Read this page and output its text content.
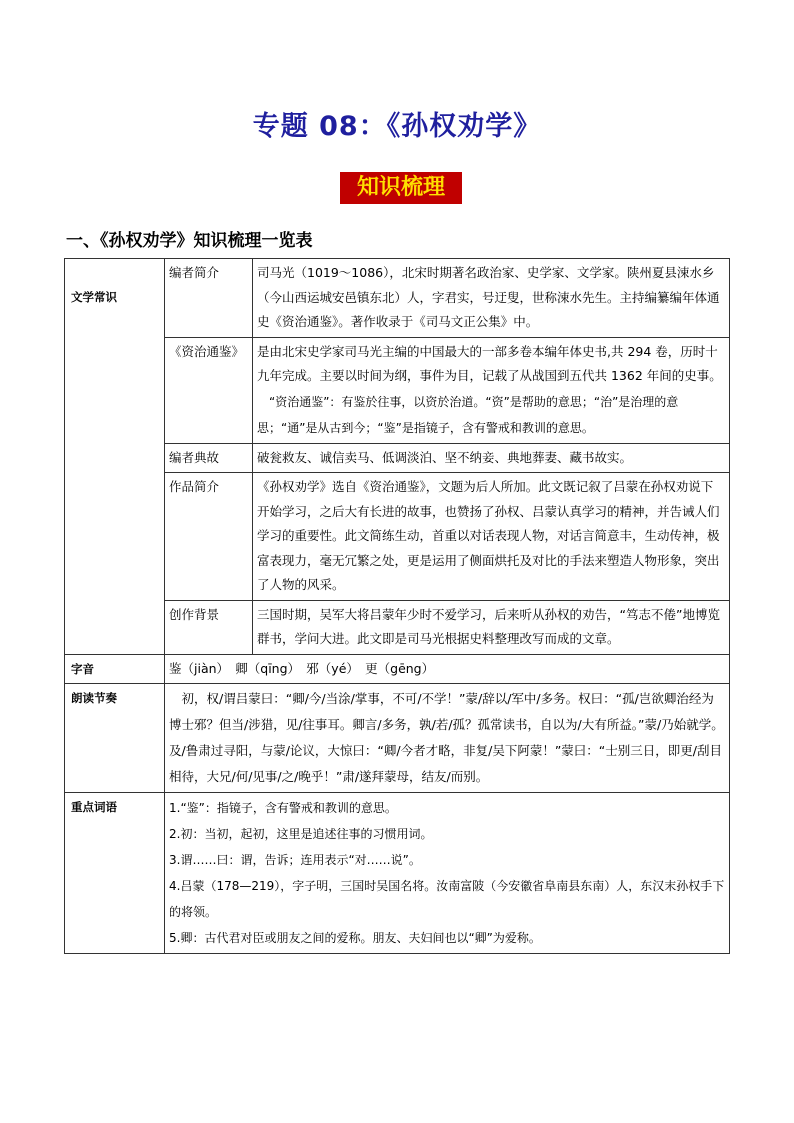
专题 08：《孙权劝学》
知识梳理
一、《孙权劝学》知识梳理一览表
文学常识	编者简介	司马光（1019～1086），北宋时期著名政治家、史学家、文学家。陕州夏县涑水乡（今山西运城安邑镇东北）人，字君实，号迂叟，世称涑水先生。主持编纂编年体通史《资治通鉴》。著作收录于《司马文正公集》中。

	《资治通鉴》	是由北宋史学家司马光主编的中国最大的一部多卷本编年体史书,共 294 卷，历时十九年完成。主要以时间为纲，事件为目，记载了从战国到五代共 1362 年间的史事。

“资治通鉴”：有鉴於往事，以资於治道。“资”是帮助的意思；“治”是治理的意思；“通”是从古到今；“鉴”是指镜子，含有警戒和教训的意思。

	编者典故	破瓮救友、诚信卖马、低调淡泊、坚不纳妾、典地葬妻、藏书故实。

	作品简介	《孙权劝学》选自《资治通鉴》，文题为后人所加。此文既记叙了吕蒙在孙权劝说下开始学习，之后大有长进的故事，也赞扬了孙权、吕蒙认真学习的精神，并告诫人们学习的重要性。此文简练生动，首重以对话表现人物，对话言简意丰，生动传神，极富表现力，毫无冗繁之处，更是运用了侧面烘托及对比的手法来塑造人物形象，突出了人物的风采。

	创作背景	三国时期，吴军大将吕蒙年少时不爱学习，后来听从孙权的劝告，“笃志不倦”地博览群书，学问大进。此文即是司马光根据史料整理改写而成的文章。

字音	鉴（jiàn）　卿（qīng）　邪（yé）　更（gēng）	

朗读节奏	初，权/谓吕蒙曰：“卿/今/当涂/掌事，不可/不学！”蒙/辞以/军中/多务。权曰：“孤/岂欲卿治经为博士邪？但当/涉猎，见/往事耳。卿言/多务，孰/若/孤？孤常读书，自以为/大有所益。”蒙/乃始就学。及/鲁肃过寻阳，与蒙/论议，大惊曰：“卿/今者才略，非复/吴下阿蒙！”蒙曰：“士别三日，即更/刮目相待，大兄/何/见事/之/晚乎！”肃/遂拜蒙母，结友/而别。	

重点词语	1.“鉴”：指镜子，含有警戒和教训的意思。

2.初：当初，起初，这里是追述往事的习惯用词。

3.谓……曰：谓，告诉；连用表示“对……说”。

4.吕蒙（178—219），字子明，三国时吴国名将。汝南富陂（今安徽省阜南县东南）人，东汉末孙权手下的将领。

5.卿：古代君对臣或朋友之间的爱称。朋友、夫妇间也以“卿”为爱称。	
